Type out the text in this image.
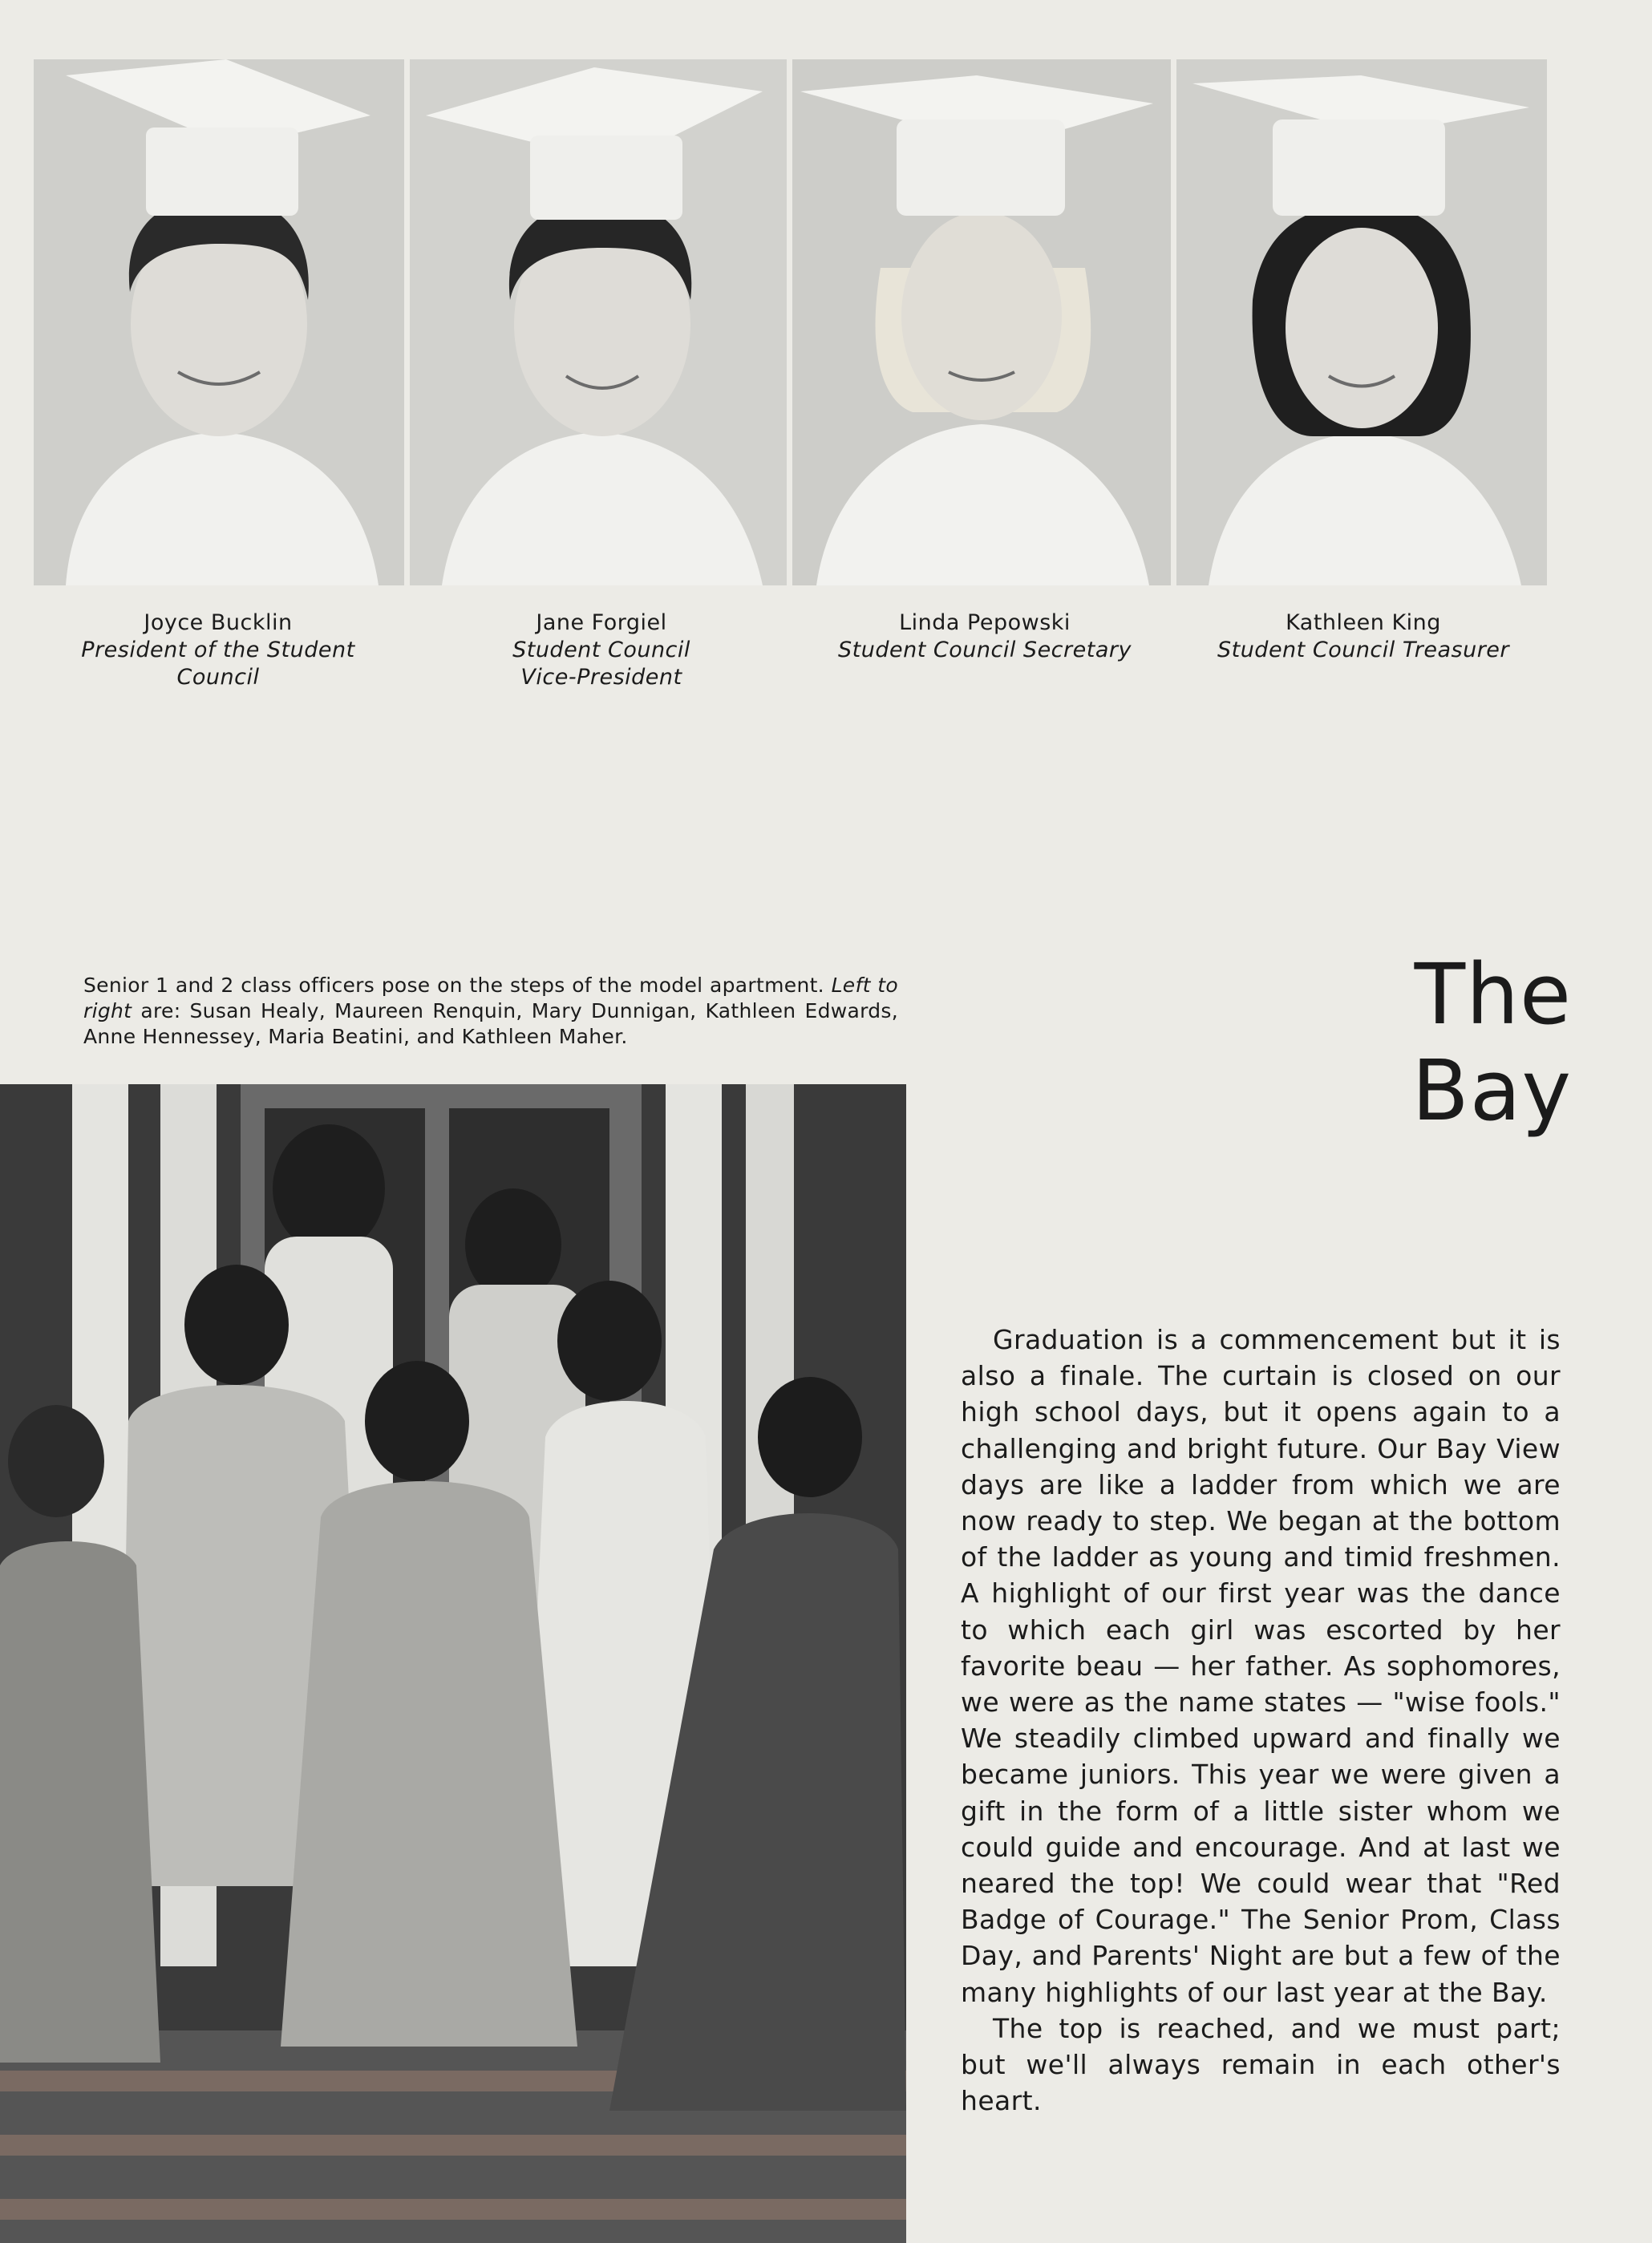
Joyce Bucklin
President of the Student
Council
Jane Forgiel
Student Council
Vice-President
Linda Pepowski
Student Council Secretary
Kathleen King
Student Council Treasurer
Senior 1 and 2 class officers pose on the steps of the model apartment. Left to right are: Susan Healy, Maureen Renquin, Mary Dunnigan, Kathleen Edwards, Anne Hennessey, Maria Beatini, and Kathleen Maher.	The Bay

Graduation is a commencement but it is also a finale. The curtain is closed on our high school days, but it opens again to a challenging and bright future. Our Bay View days are like a ladder from which we are now ready to step. We began at the bottom of the ladder as young and timid freshmen. A highlight of our first year was the dance to which each girl was escorted by her favorite beau — her father. As sophomores, we were as the name states — "wise fools." We steadily climbed upward and finally we became juniors. This year we were given a gift in the form of a little sister whom we could guide and encourage. And at last we neared the top! We could wear that "Red Badge of Courage." The Senior Prom, Class Day, and Parents' Night are but a few of the many highlights of our last year at the Bay.

The top is reached, and we must part; but we'll always remain in each other's heart.
